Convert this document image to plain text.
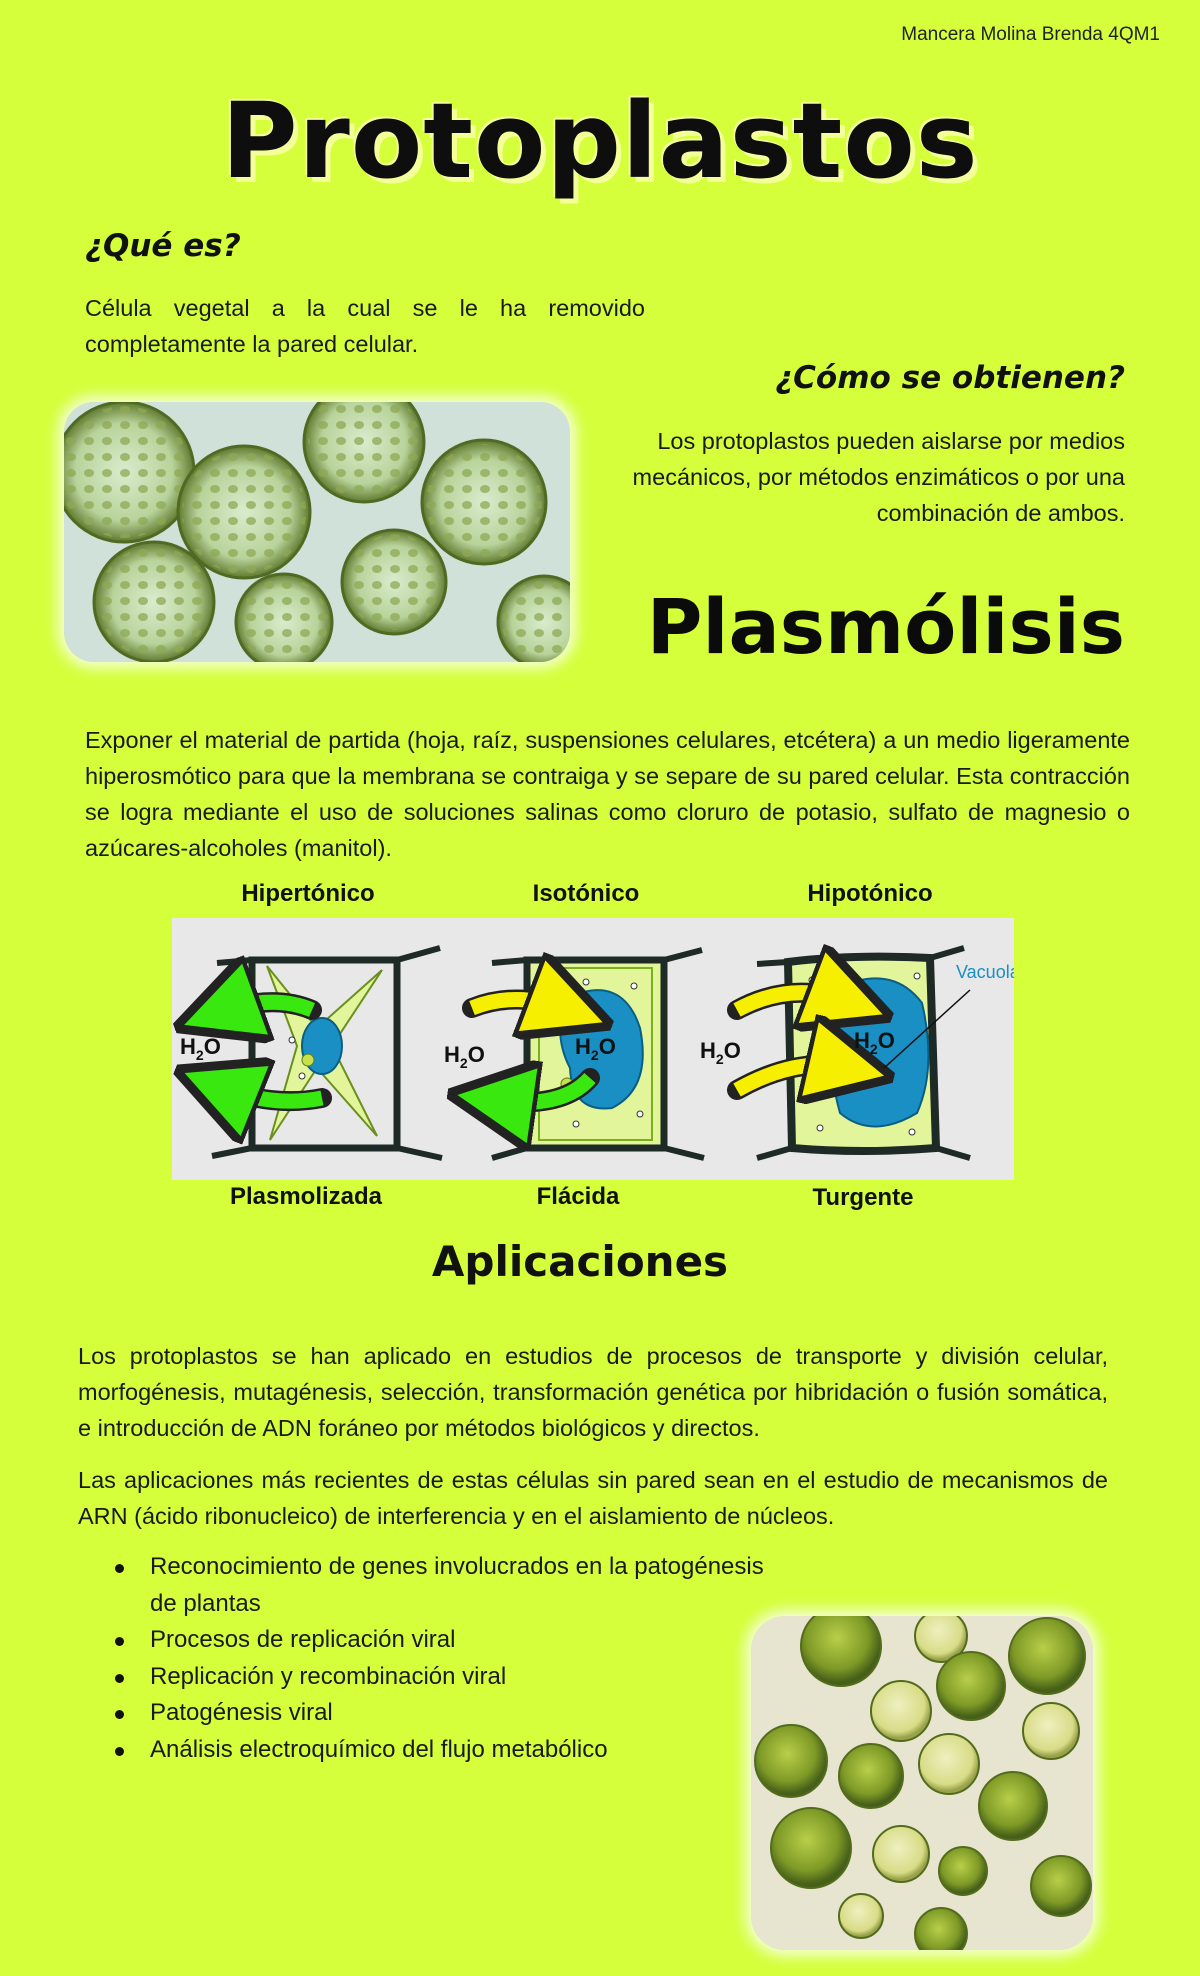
Mancera Molina Brenda 4QM1
Protoplastos
¿Qué es?
Célula vegetal a la cual se le ha removido completamente la pared celular.
¿Cómo se obtienen?
Los protoplastos pueden aislarse por medios mecánicos, por métodos enzimáticos o por una combinación de ambos.
Plasmólisis
Exponer el material de partida (hoja, raíz, suspensiones celulares, etcétera) a un medio ligeramente hiperosmótico para que la membrana se contraiga y se separe de su pared celular. Esta contracción se logra mediante el uso de soluciones salinas como cloruro de potasio, sulfato de magnesio o azúcares-alcoholes (manitol).
Hipertónico	Isotónico	Hipotónico
$H_2O$	$H_2O$	$H_2O$	$H_2O$	$H_2O$
Vacuola
Plasmolizada	Flácida	Turgente
Aplicaciones
Los protoplastos se han aplicado en estudios de procesos de transporte y división celular, morfogénesis, mutagénesis, selección, transformación genética por hibridación o fusión somática, e introducción de ADN foráneo por métodos biológicos y directos.
Las aplicaciones más recientes de estas células sin pared sean en el estudio de mecanismos de ARN (ácido ribonucleico) de interferencia y en el aislamiento de núcleos.
Reconocimiento de genes involucrados en la patogénesis de plantas
Procesos de replicación viral
Replicación y recombinación viral
Patogénesis viral
Análisis electroquímico del flujo metabólico
